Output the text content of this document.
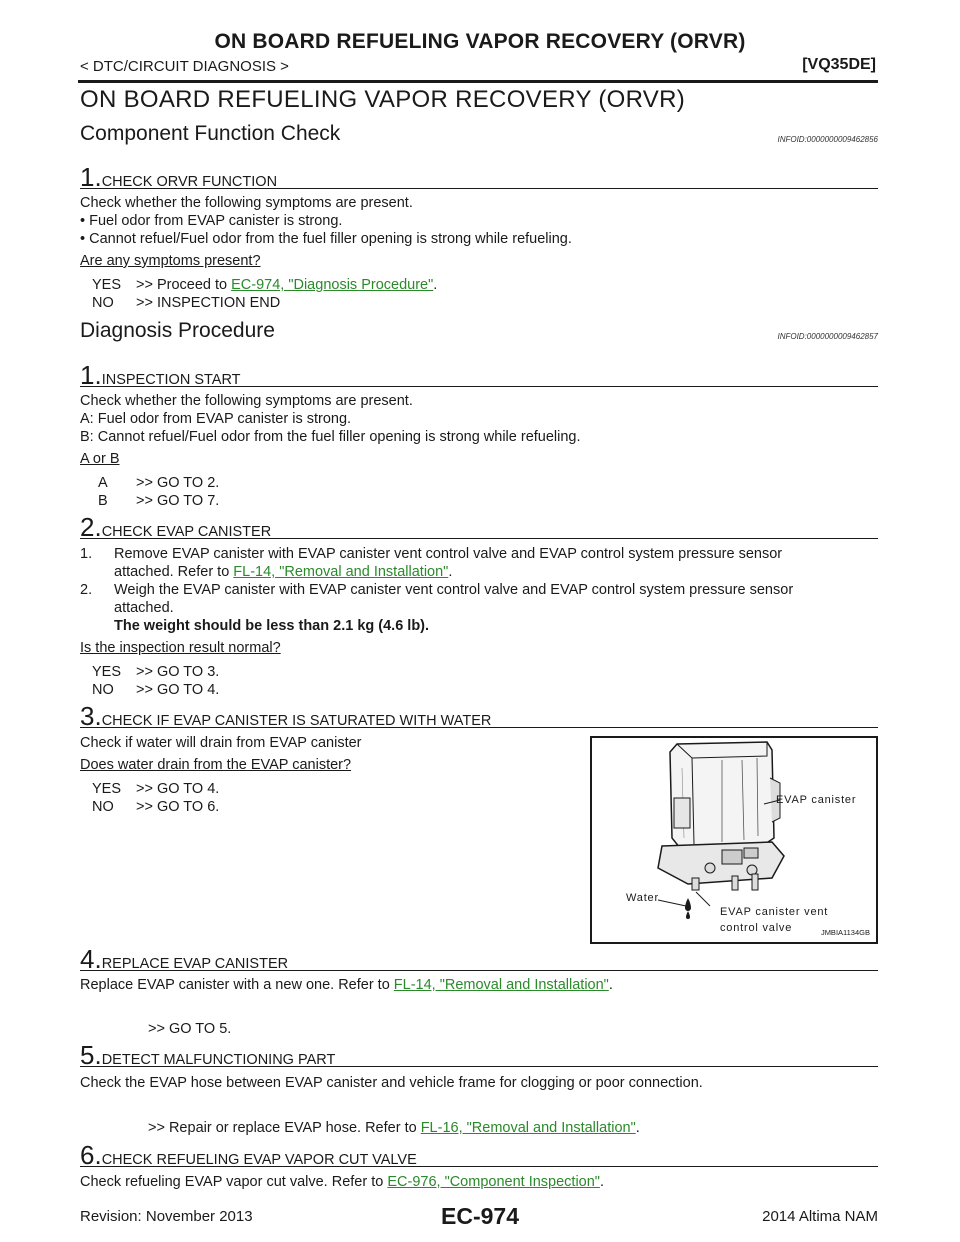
ON BOARD REFUELING VAPOR RECOVERY (ORVR)
< DTC/CIRCUIT DIAGNOSIS >	[VQ35DE]
ON BOARD REFUELING VAPOR RECOVERY (ORVR)
Component Function Check	INFOID:0000000009462856
1.CHECK ORVR FUNCTION
Check whether the following symptoms are present.
• Fuel odor from EVAP canister is strong.
• Cannot refuel/Fuel odor from the fuel filler opening is strong while refueling.
Are any symptoms present?
YES >> Proceed to EC-974, "Diagnosis Procedure".
NO >> INSPECTION END
Diagnosis Procedure	INFOID:0000000009462857
1.INSPECTION START
Check whether the following symptoms are present.
A: Fuel odor from EVAP canister is strong.
B: Cannot refuel/Fuel odor from the fuel filler opening is strong while refueling.
A or B
A >> GO TO 2.
B >> GO TO 7.
2.CHECK EVAP CANISTER
1. Remove EVAP canister with EVAP canister vent control valve and EVAP control system pressure sensor
attached. Refer to FL-14, "Removal and Installation".
2. Weigh the EVAP canister with EVAP canister vent control valve and EVAP control system pressure sensor
attached.
The weight should be less than 2.1 kg (4.6 lb).
Is the inspection result normal?
YES >> GO TO 3.
NO >> GO TO 4.
3.CHECK IF EVAP CANISTER IS SATURATED WITH WATER
Check if water will drain from EVAP canister
Does water drain from the EVAP canister?
YES >> GO TO 4.
NO >> GO TO 6.	EVAP canister
Water
EVAP canister vent
control valve	JMBIA1134GB
4.REPLACE EVAP CANISTER
Replace EVAP canister with a new one. Refer to FL-14, "Removal and Installation".
>> GO TO 5.
5.DETECT MALFUNCTIONING PART
Check the EVAP hose between EVAP canister and vehicle frame for clogging or poor connection.
>> Repair or replace EVAP hose. Refer to FL-16, "Removal and Installation".
6.CHECK REFUELING EVAP VAPOR CUT VALVE
Check refueling EVAP vapor cut valve. Refer to EC-976, "Component Inspection".
Revision: November 2013	EC-974	2014 Altima NAM
